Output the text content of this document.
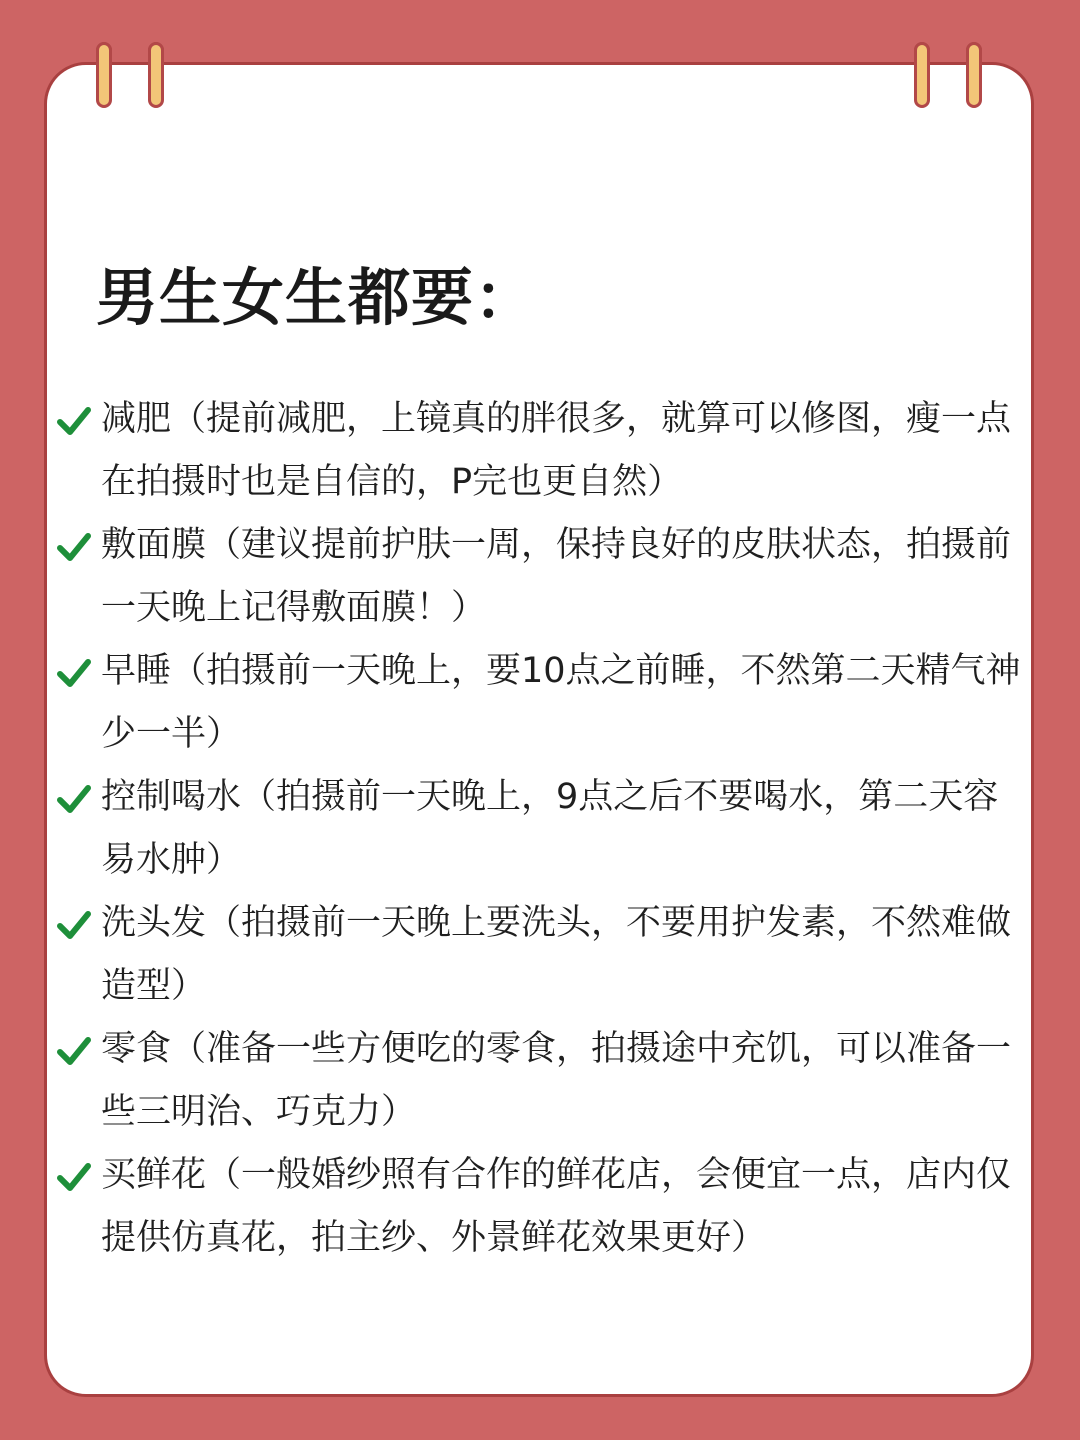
男生女生都要：
减肥（提前减肥，上镜真的胖很多，就算可以修图，瘦一点在拍摄时也是自信的，P完也更自然）
敷面膜（建议提前护肤一周，保持良好的皮肤状态，拍摄前一天晚上记得敷面膜！）
早睡（拍摄前一天晚上，要10点之前睡，不然第二天精气神少一半）
控制喝水（拍摄前一天晚上，9点之后不要喝水，第二天容易水肿）
洗头发（拍摄前一天晚上要洗头，不要用护发素，不然难做造型）
零食（准备一些方便吃的零食，拍摄途中充饥，可以准备一些三明治、巧克力）
买鲜花（一般婚纱照有合作的鲜花店，会便宜一点，店内仅提供仿真花，拍主纱、外景鲜花效果更好）
